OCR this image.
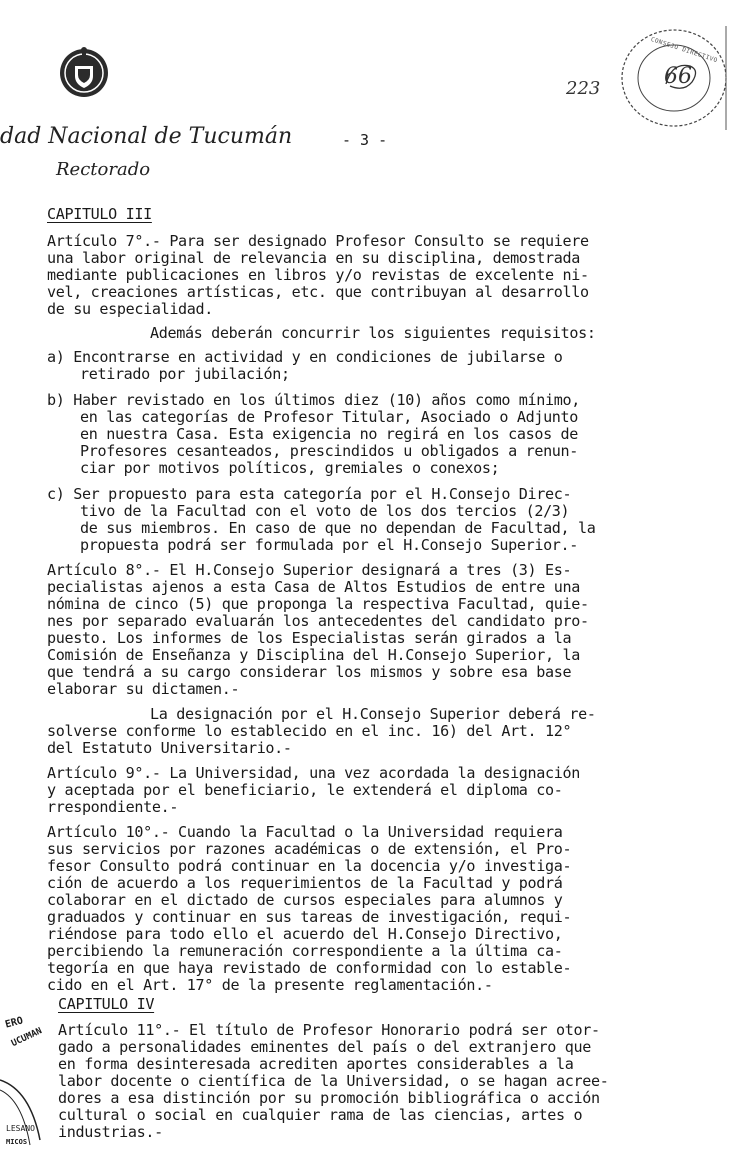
dad Nacional de Tucumán
Rectorado
- 3 -
223	66
CONSEJO DIRECTIVO
CAPITULO III
Artículo 7°.- Para ser designado Profesor Consulto se requiere
una labor original de relevancia en su disciplina, demostrada
mediante publicaciones en libros y/o revistas de excelente ni-
vel, creaciones artísticas, etc. que contribuyan al desarrollo
de su especialidad.
Además deberán concurrir los siguientes requisitos:
a) Encontrarse en actividad y en condiciones de jubilarse o
retirado por jubilación;
b) Haber revistado en los últimos diez (10) años como mínimo,
en las categorías de Profesor Titular, Asociado o Adjunto
en nuestra Casa. Esta exigencia no regirá en los casos de
Profesores cesanteados, prescindidos u obligados a renun-
ciar por motivos políticos, gremiales o conexos;
c) Ser propuesto para esta categoría por el H.Consejo Direc-
tivo de la Facultad con el voto de los dos tercios (2/3)
de sus miembros. En caso de que no dependan de Facultad, la
propuesta podrá ser formulada por el H.Consejo Superior.-
Artículo 8°.- El H.Consejo Superior designará a tres (3) Es-
pecialistas ajenos a esta Casa de Altos Estudios de entre una
nómina de cinco (5) que proponga la respectiva Facultad, quie-
nes por separado evaluarán los antecedentes del candidato pro-
puesto. Los informes de los Especialistas serán girados a la
Comisión de Enseñanza y Disciplina del H.Consejo Superior, la
que tendrá a su cargo considerar los mismos y sobre esa base
elaborar su dictamen.-
La designación por el H.Consejo Superior deberá re-
solverse conforme lo establecido en el inc. 16) del Art. 12°
del Estatuto Universitario.-
Artículo 9°.- La Universidad, una vez acordada la designación
y aceptada por el beneficiario, le extenderá el diploma co-
rrespondiente.-
Artículo 10°.- Cuando la Facultad o la Universidad requiera
sus servicios por razones académicas o de extensión, el Pro-
fesor Consulto podrá continuar en la docencia y/o investiga-
ción de acuerdo a los requerimientos de la Facultad y podrá
colaborar en el dictado de cursos especiales para alumnos y
graduados y continuar en sus tareas de investigación, requi-
riéndose para todo ello el acuerdo del H.Consejo Directivo,
percibiendo la remuneración correspondiente a la última ca-
tegoría en que haya revistado de conformidad con lo estable-
cido en el Art. 17° de la presente reglamentación.-
CAPITULO IV
Artículo 11°.- El título de Profesor Honorario podrá ser otor-
gado a personalidades eminentes del país o del extranjero que
en forma desinteresada acrediten aportes considerables a la
labor docente o científica de la Universidad, o se hagan acree-
dores a esa distinción por su promoción bibliográfica o acción
cultural o social en cualquier rama de las ciencias, artes o
industrias.-
ERO
UCUMAN
LESANO
MICOS
